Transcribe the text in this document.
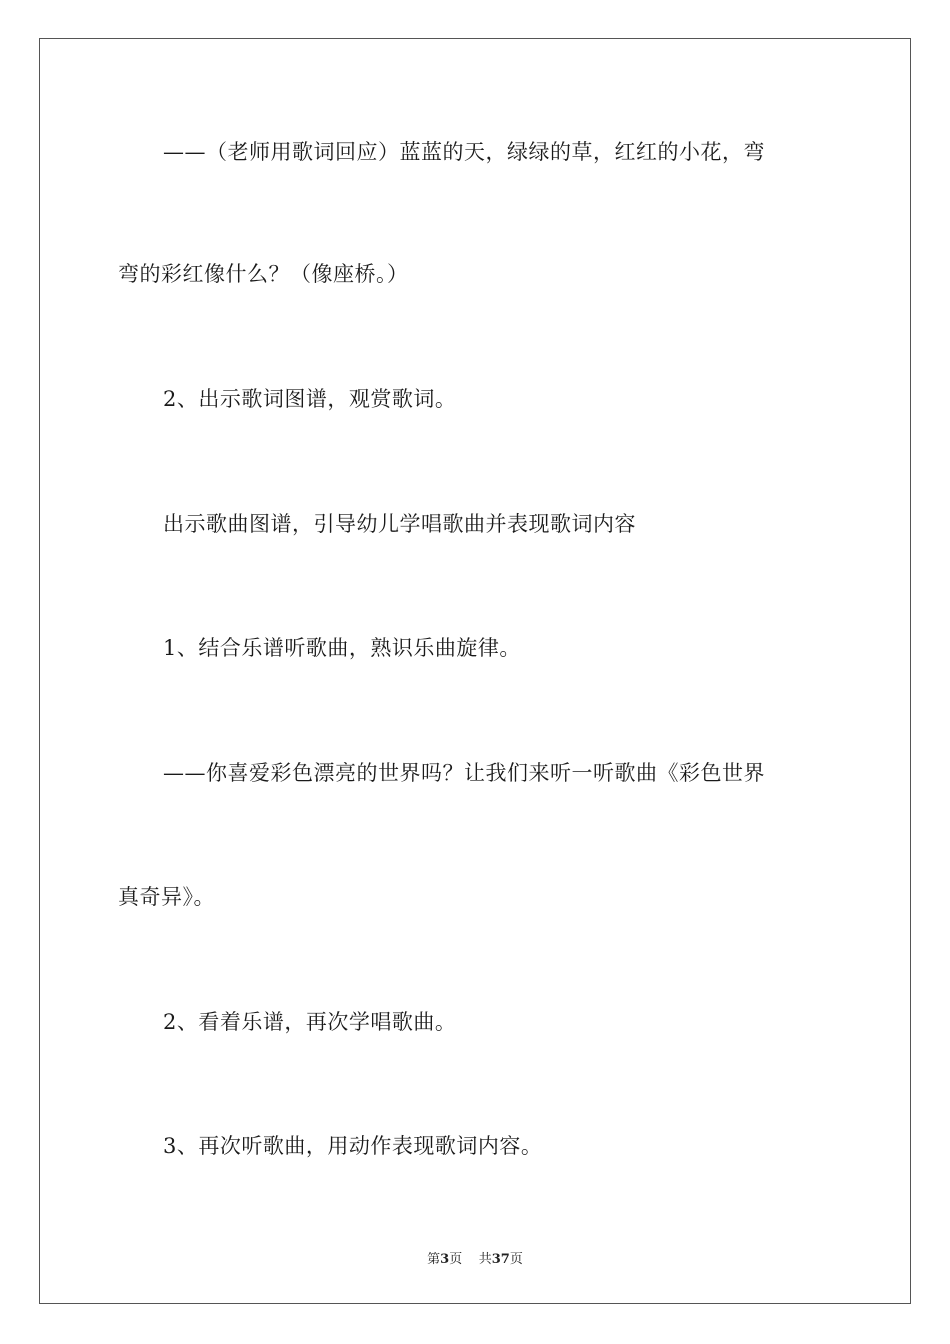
——（老师用歌词回应）蓝蓝的天，绿绿的草，红红的小花，弯
弯的彩红像什么？（像座桥。）
2、出示歌词图谱，观赏歌词。
出示歌曲图谱，引导幼儿学唱歌曲并表现歌词内容
1、结合乐谱听歌曲，熟识乐曲旋律。
——你喜爱彩色漂亮的世界吗？让我们来听一听歌曲《彩色世界
真奇异》。
2、看着乐谱，再次学唱歌曲。
3、再次听歌曲，用动作表现歌词内容。
第3页 共37页
